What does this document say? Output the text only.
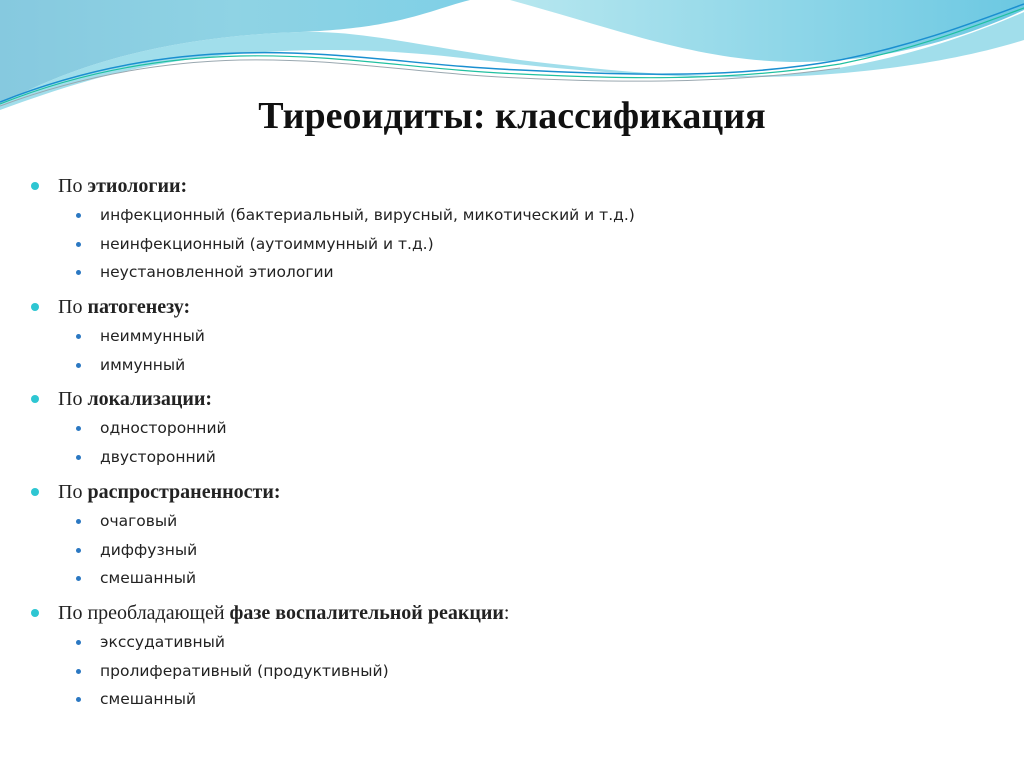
Тиреоидиты: классификация
По этиологии:
инфекционный (бактериальный, вирусный, микотический и т.д.)
неинфекционный (аутоиммунный и т.д.)
неустановленной этиологии
По патогенезу:
неиммунный
иммунный
По локализации:
односторонний
двусторонний
По распространенности:
очаговый
диффузный
смешанный
По преобладающей фазе воспалительной реакции:
экссудативный
пролиферативный (продуктивный)
смешанный
